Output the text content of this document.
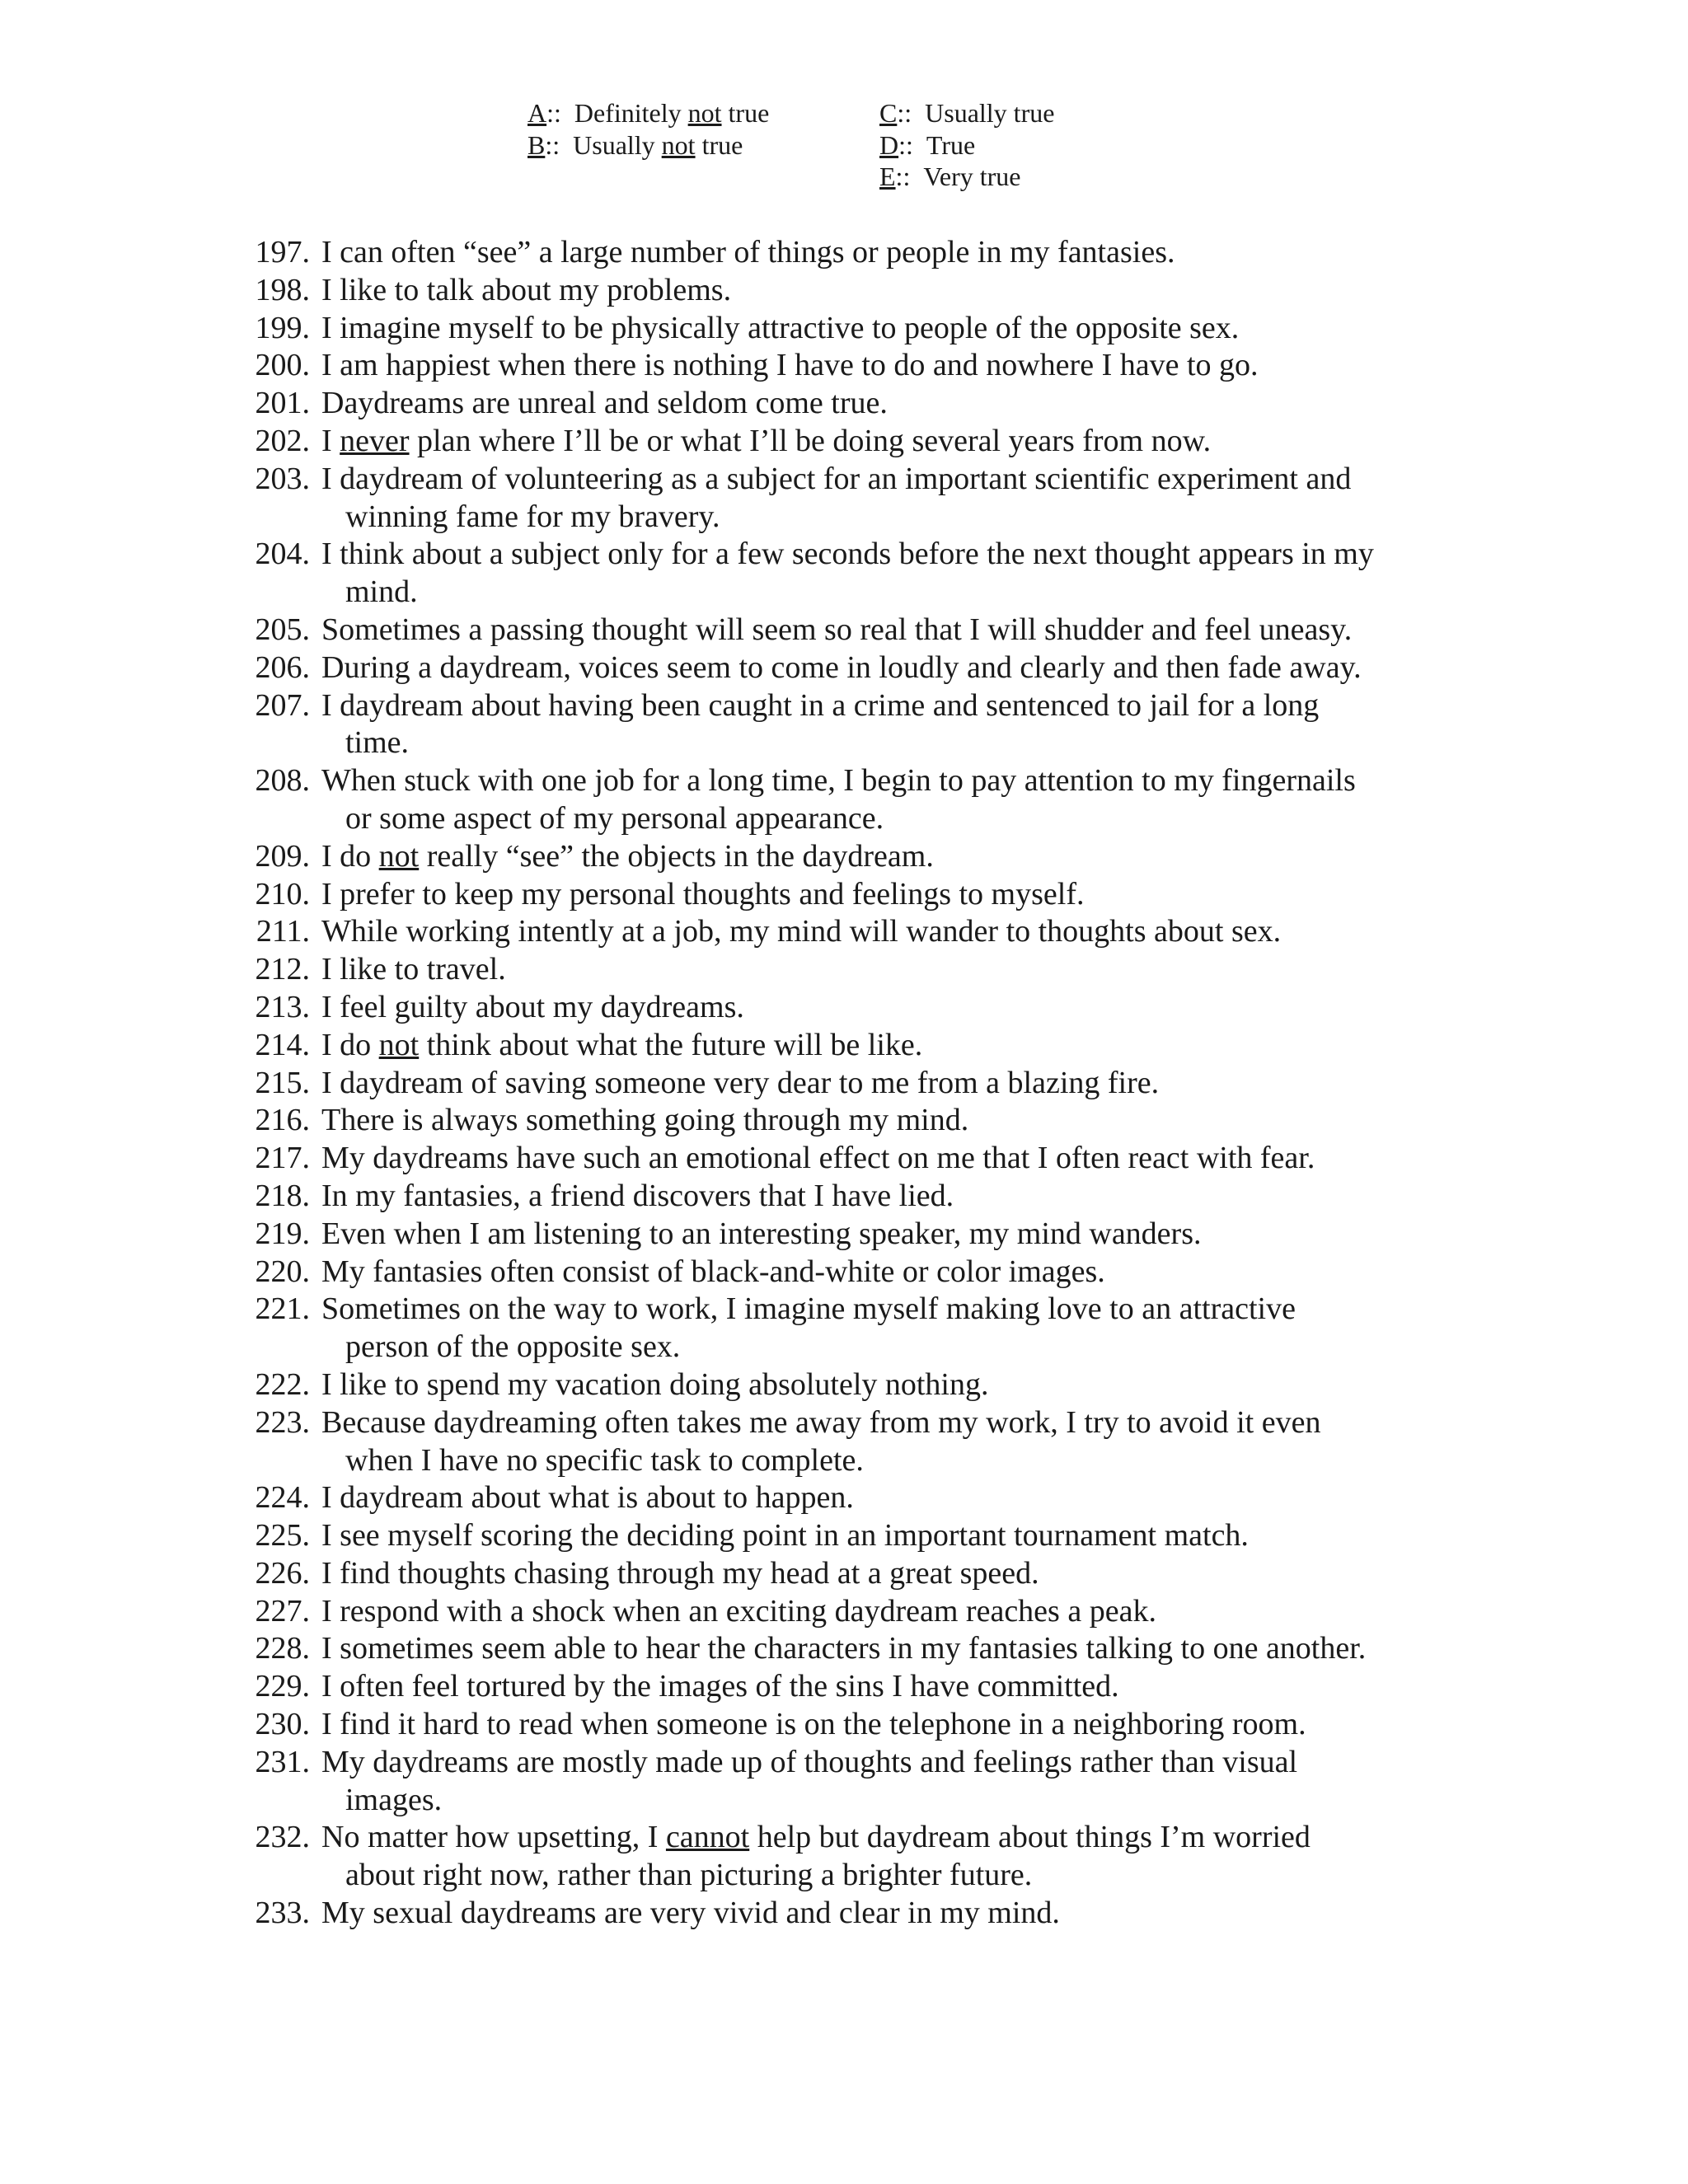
A:: Definitely not true
B:: Usually not true
C:: Usually true
D:: True
E:: Very true
197. I can often “see” a large number of things or people in my fantasies.
198. I like to talk about my problems.
199. I imagine myself to be physically attractive to people of the opposite sex.
200. I am happiest when there is nothing I have to do and nowhere I have to go.
201. Daydreams are unreal and seldom come true.
202. I never plan where I’ll be or what I’ll be doing several years from now.
203. I daydream of volunteering as a subject for an important scientific experiment and
winning fame for my bravery.
204. I think about a subject only for a few seconds before the next thought appears in my
mind.
205. Sometimes a passing thought will seem so real that I will shudder and feel uneasy.
206. During a daydream, voices seem to come in loudly and clearly and then fade away.
207. I daydream about having been caught in a crime and sentenced to jail for a long
time.
208. When stuck with one job for a long time, I begin to pay attention to my fingernails
or some aspect of my personal appearance.
209. I do not really “see” the objects in the daydream.
210. I prefer to keep my personal thoughts and feelings to myself.
211. While working intently at a job, my mind will wander to thoughts about sex.
212. I like to travel.
213. I feel guilty about my daydreams.
214. I do not think about what the future will be like.
215. I daydream of saving someone very dear to me from a blazing fire.
216. There is always something going through my mind.
217. My daydreams have such an emotional effect on me that I often react with fear.
218. In my fantasies, a friend discovers that I have lied.
219. Even when I am listening to an interesting speaker, my mind wanders.
220. My fantasies often consist of black-and-white or color images.
221. Sometimes on the way to work, I imagine myself making love to an attractive
person of the opposite sex.
222. I like to spend my vacation doing absolutely nothing.
223. Because daydreaming often takes me away from my work, I try to avoid it even
when I have no specific task to complete.
224. I daydream about what is about to happen.
225. I see myself scoring the deciding point in an important tournament match.
226. I find thoughts chasing through my head at a great speed.
227. I respond with a shock when an exciting daydream reaches a peak.
228. I sometimes seem able to hear the characters in my fantasies talking to one another.
229. I often feel tortured by the images of the sins I have committed.
230. I find it hard to read when someone is on the telephone in a neighboring room.
231. My daydreams are mostly made up of thoughts and feelings rather than visual
images.
232. No matter how upsetting, I cannot help but daydream about things I’m worried
about right now, rather than picturing a brighter future.
233. My sexual daydreams are very vivid and clear in my mind.
